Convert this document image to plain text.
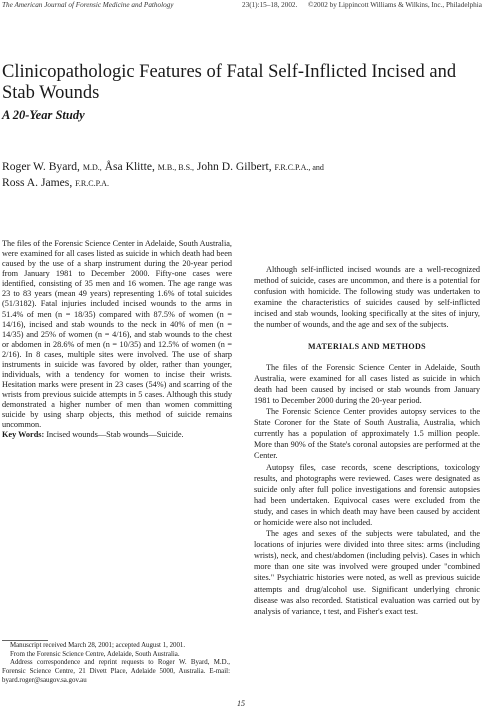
The American Journal of Forensic Medicine and Pathology	23(1):15–18, 2002. ©2002 by Lippincott Williams & Wilkins, Inc., Philadelphia
Clinicopathologic Features of Fatal Self-Inflicted Incised and Stab Wounds
A 20-Year Study
Roger W. Byard, M.D., Åsa Klitte, M.B., B.S., John D. Gilbert, F.R.C.P.A., and
Ross A. James, F.R.C.P.A.

The files of the Forensic Science Center in Adelaide, South Australia, were examined for all cases listed as suicide in which death had been caused by the use of a sharp instrument during the 20-year period from January 1981 to December 2000. Fifty-one cases were identified, consisting of 35 men and 16 women. The age range was 23 to 83 years (mean 49 years) representing 1.6% of total suicides (51/3182). Fatal injuries included incised wounds to the arms in 51.4% of men (n = 18/35) compared with 87.5% of women (n = 14/16), incised and stab wounds to the neck in 40% of men (n = 14/35) and 25% of women (n = 4/16), and stab wounds to the chest or abdomen in 28.6% of men (n = 10/35) and 12.5% of women (n = 2/16). In 8 cases, multiple sites were involved. The use of sharp instruments in suicide was favored by older, rather than younger, individuals, with a tendency for women to incise their wrists. Hesitation marks were present in 23 cases (54%) and scarring of the wrists from previous suicide attempts in 5 cases. Although this study demonstrated a higher number of men than women committing suicide by using sharp objects, this method of suicide remains uncommon.

Key Words: Incised wounds—Stab wounds—Suicide.

Although self-inflicted incised wounds are a well-recognized method of suicide, cases are uncommon, and there is a potential for confusion with homicide. The following study was undertaken to examine the characteristics of suicides caused by self-inflicted incised and stab wounds, looking specifically at the sites of injury, the number of wounds, and the age and sex of the subjects.

MATERIALS AND METHODS

The files of the Forensic Science Center in Adelaide, South Australia, were examined for all cases listed as suicide in which death had been caused by incised or stab wounds from January 1981 to December 2000 during the 20-year period.

The Forensic Science Center provides autopsy services to the State Coroner for the State of South Australia, Australia, which currently has a population of approximately 1.5 million people. More than 90% of the State's coronal autopsies are performed at the Center.

Autopsy files, case records, scene descriptions, toxicology results, and photographs were reviewed. Cases were designated as suicide only after full police investigations and forensic autopsies had been undertaken. Equivocal cases were excluded from the study, and cases in which death may have been caused by accident or homicide were also not included.

The ages and sexes of the subjects were tabulated, and the locations of injuries were divided into three sites: arms (including wrists), neck, and chest/abdomen (including pelvis). Cases in which more than one site was involved were grouped under "combined sites." Psychiatric histories were noted, as well as previous suicide attempts and drug/alcohol use. Significant underlying chronic disease was also recorded. Statistical evaluation was carried out by analysis of variance, t test, and Fisher's exact test.

Manuscript received March 28, 2001; accepted August 1, 2001.

From the Forensic Science Centre, Adelaide, South Australia.

Address correspondence and reprint requests to Roger W. Byard, M.D., Forensic Science Centre, 21 Divett Place, Adelaide 5000, Australia. E-mail: byard.roger@saugov.sa.gov.au

15
